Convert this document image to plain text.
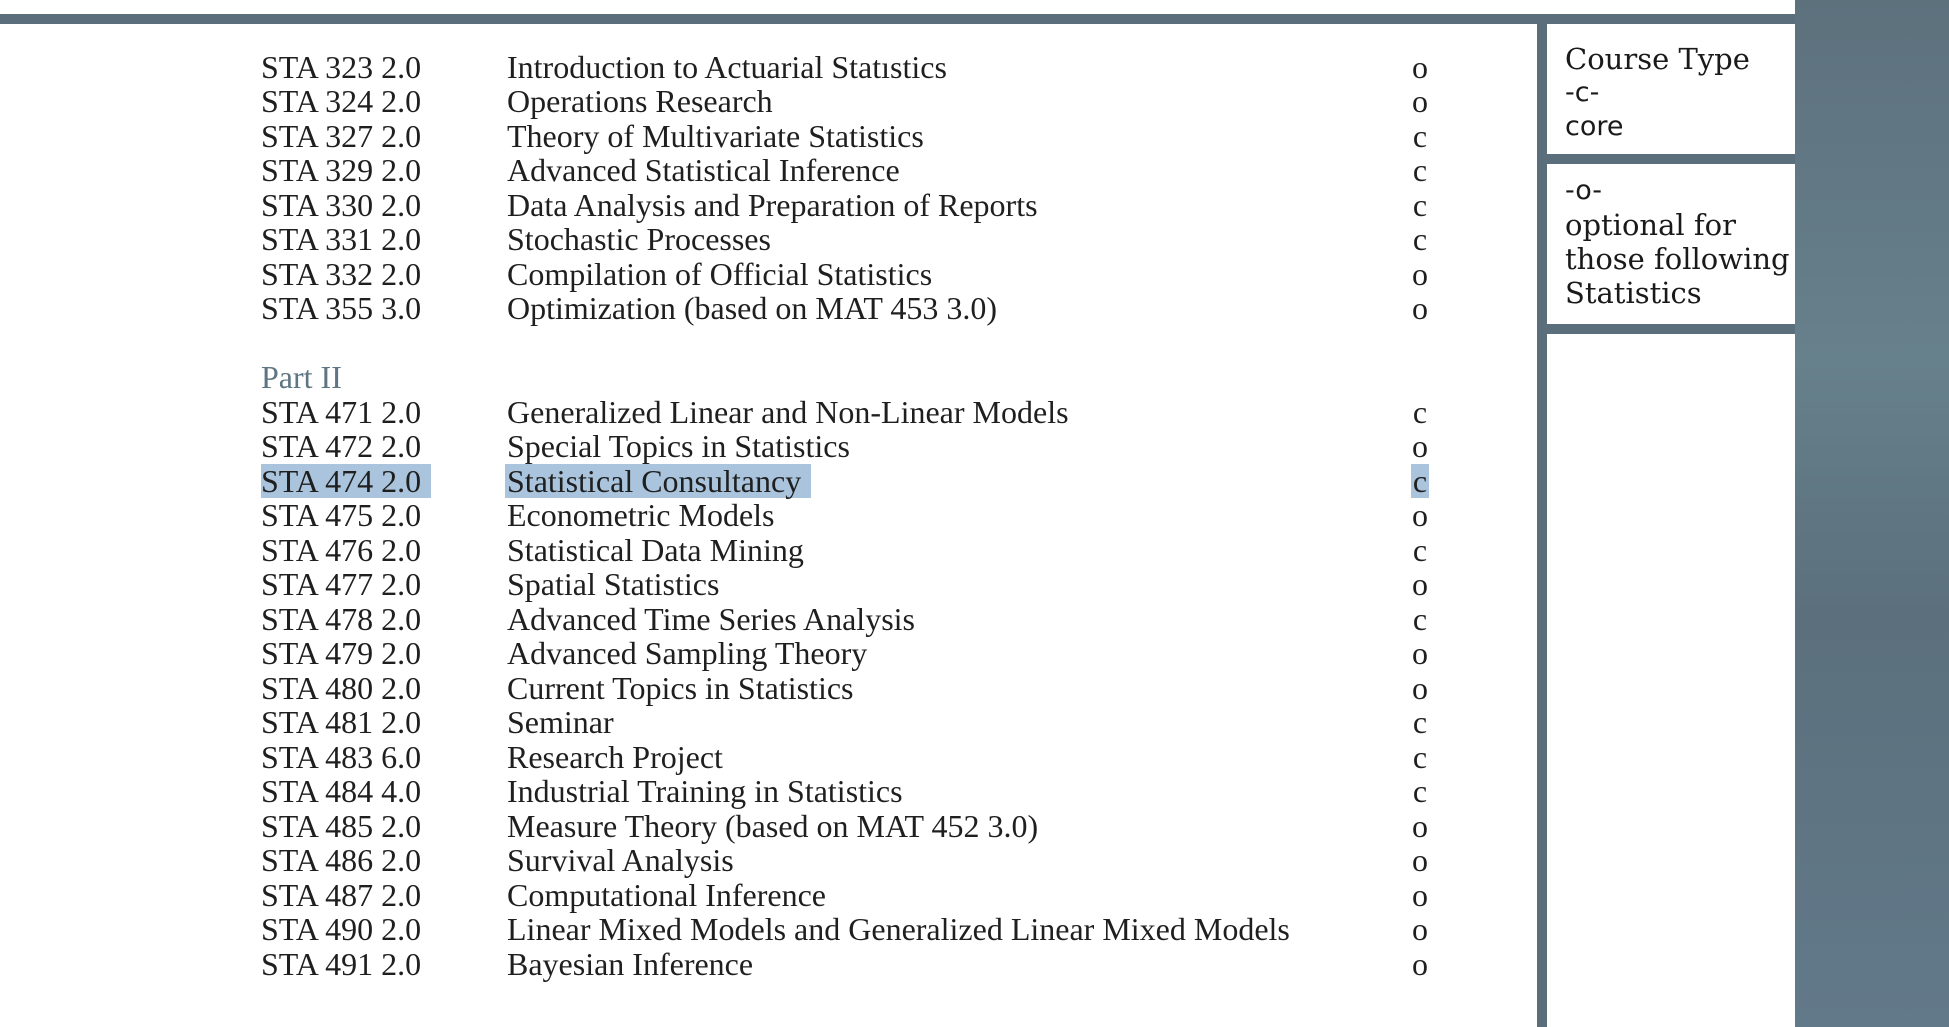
STA 323 2.0	Introduction to Actuarial Statıstics	o
STA 324 2.0	Operations Research	o
STA 327 2.0	Theory of Multivariate Statistics	c
STA 329 2.0	Advanced Statistical Inference	c
STA 330 2.0	Data Analysis and Preparation of Reports	c
STA 331 2.0	Stochastic Processes	c
STA 332 2.0	Compilation of Official Statistics	o
STA 355 3.0	Optimization (based on MAT 453 3.0)	o
Part II
STA 471 2.0	Generalized Linear and Non-Linear Models	c
STA 472 2.0	Special Topics in Statistics	o
STA 474 2.0	Statistical Consultancy	c
STA 475 2.0	Econometric Models	o
STA 476 2.0	Statistical Data Mining	c
STA 477 2.0	Spatial Statistics	o
STA 478 2.0	Advanced Time Series Analysis	c
STA 479 2.0	Advanced Sampling Theory	o
STA 480 2.0	Current Topics in Statistics	o
STA 481 2.0	Seminar	c
STA 483 6.0	Research Project	c
STA 484 4.0	Industrial Training in Statistics	c
STA 485 2.0	Measure Theory (based on MAT 452 3.0)	o
STA 486 2.0	Survival Analysis	o
STA 487 2.0	Computational Inference	o
STA 490 2.0	Linear Mixed Models and Generalized Linear Mixed Models	o
STA 491 2.0	Bayesian Inference	o
Course Type
-c-
core
-o-
optional for
those following
Statistics
